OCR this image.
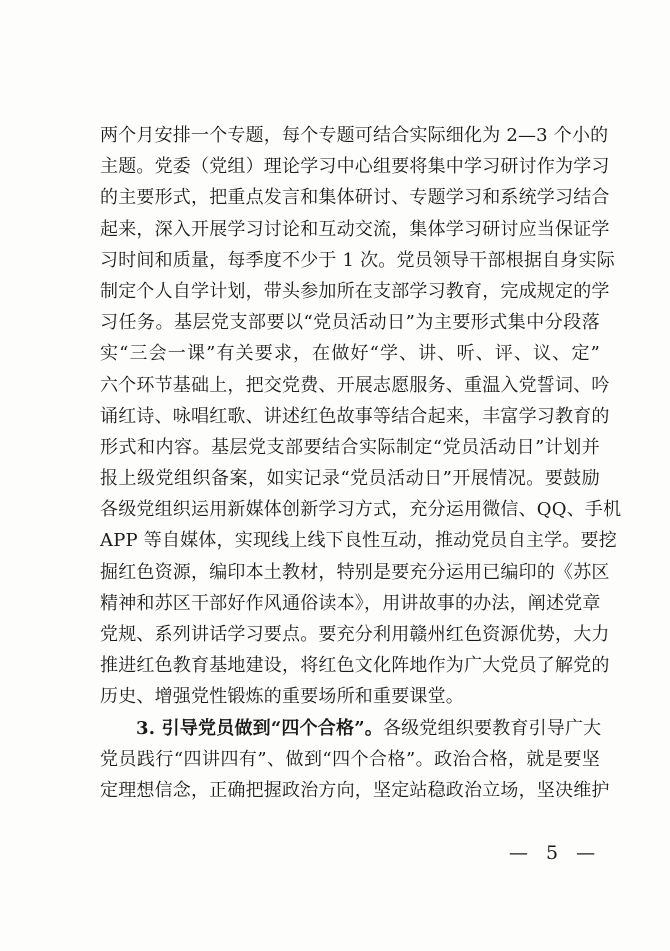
两个月安排一个专题，每个专题可结合实际细化为 2—3 个小的
主题。党委（党组）理论学习中心组要将集中学习研讨作为学习
的主要形式，把重点发言和集体研讨、专题学习和系统学习结合
起来，深入开展学习讨论和互动交流，集体学习研讨应当保证学
习时间和质量，每季度不少于 1 次。党员领导干部根据自身实际
制定个人自学计划，带头参加所在支部学习教育，完成规定的学
习任务。基层党支部要以“党员活动日”为主要形式集中分段落
实“三会一课”有关要求，在做好“学、讲、听、评、议、定”
六个环节基础上，把交党费、开展志愿服务、重温入党誓词、吟
诵红诗、咏唱红歌、讲述红色故事等结合起来，丰富学习教育的
形式和内容。基层党支部要结合实际制定“党员活动日”计划并
报上级党组织备案，如实记录“党员活动日”开展情况。要鼓励
各级党组织运用新媒体创新学习方式，充分运用微信、QQ、手机
APP 等自媒体，实现线上线下良性互动，推动党员自主学。要挖
掘红色资源，编印本土教材，特别是要充分运用已编印的《苏区
精神和苏区干部好作风通俗读本》，用讲故事的办法，阐述党章
党规、系列讲话学习要点。要充分利用赣州红色资源优势，大力
推进红色教育基地建设，将红色文化阵地作为广大党员了解党的
历史、增强党性锻炼的重要场所和重要课堂。
3. 引导党员做到“四个合格”。各级党组织要教育引导广大
党员践行“四讲四有”、做到“四个合格”。政治合格，就是要坚
定理想信念，正确把握政治方向，坚定站稳政治立场，坚决维护
— 5 —
